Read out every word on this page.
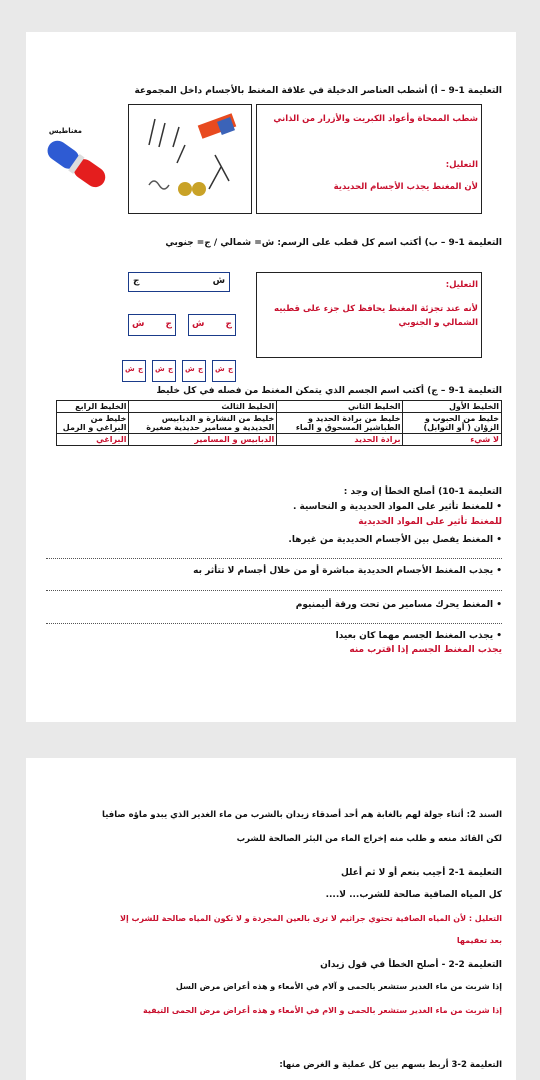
التعليمة 1-9 – أ) أشطب العناصر الدخيلة في علاقة المغنط بالأجسام داخل المجموعة
شطب الممحاة وأعواد الكبريت والأزرار من الذاني
التعليل:
لأن المغنط يجذب الأجسام الحديدية
مغناطيس
التعليمة 1-9 – ب) أكتب اسم كل قطب على الرسم: ش= شمالي / ج= جنوبي
التعليل:
لأنه عند تجزئة المغنط يحافظ كل جزء على قطبيه الشمالي و الجنوبي
ش
ج
ج
ش	ج
ش
ج
ش	ج
ش	ج
ش	ج
ش
التعليمة 1-9 – ج) أكتب اسم الجسم الذي يتمكن المغنط من فصله في كل خليط
الخليط الأول	الخليط الثاني	الخليط الثالث	الخليط الرابع
خليط من الحبوب و الزؤان ( أو التوابل)	خليط من برادة الحديد و الطباشير المسحوق و الماء	خليط من النشارة و الدبابيس الحديدية و مسامير حديدية صغيرة	خليط من البراغي و الرمل
لا شيء	برادة الحديد	الدبابيس و المسامير	البراغي
التعليمة 1-10) أصلح الخطأ إن وجد :
• للمغنط تأثير على المواد الحديدية و النحاسية .
للمغنط تأثير على المواد الحديدية
• المغنط يفصل بين الأجسام الحديدية من غيرها.
• يجذب المغنط الأجسام الحديدية مباشرة أو من خلال أجسام لا تتأثر به
• المغنط يحرك مسامير من تحت ورقة أليمنيوم
• يجذب المغنط الجسم مهما كان بعيدا
يجذب المغنط الجسم إذا اقترب منه
السند 2: أثناء جولة لهم بالغابة هم أحد أصدقاء زيدان بالشرب من ماء الغدير الذي يبدو ماؤه صافيا
لكن القائد منعه و طلب منه إخراج الماء من البئر الصالحة للشرب
التعليمة 1-2 أجيب بنعم أو لا ثم أعلل
كل المياه الصافية صالحة للشرب... لا....
التعليل : لأن المياه الصافية تحتوي جراثيم لا ترى بالعين المجردة و لا تكون المياه صالحة للشرب إلا
بعد تعقيمها
التعليمة 2-2 - أصلح الخطأ في قول زيدان
إذا شربت من ماء الغدير ستشعر بالحمى و آلام في الأمعاء و هذه أعراض مرض السل
إذا شربت من ماء الغدير ستشعر بالحمى و الام في الأمعاء و هذه أعراض مرض الحمى التيفية
التعليمة 2-3 أربط بسهم بين كل عملية و الغرض منها:
